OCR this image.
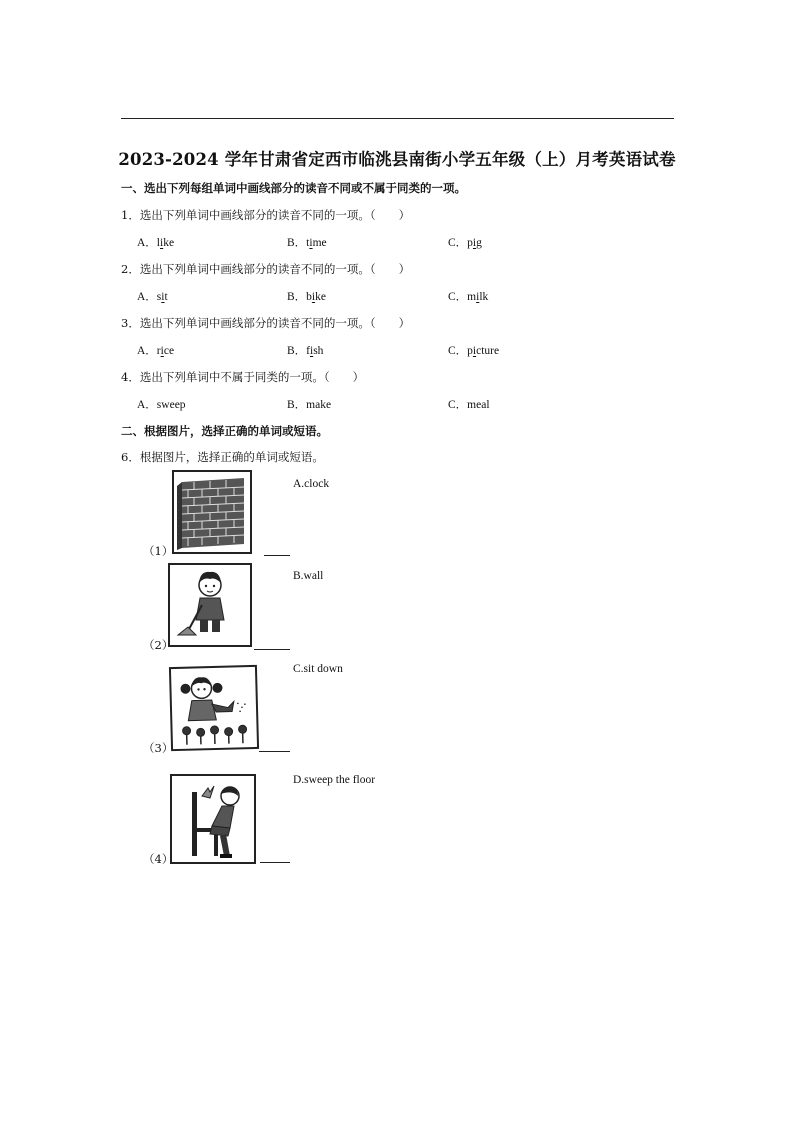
2023-2024 学年甘肃省定西市临洮县南街小学五年级（上）月考英语试卷
一、选出下列每组单词中画线部分的读音不同或不属于同类的一项。
1．选出下列单词中画线部分的读音不同的一项。（　　）
A．like	B．time	C．pig
2．选出下列单词中画线部分的读音不同的一项。（　　）
A．sit	B．bike	C．milk
3．选出下列单词中画线部分的读音不同的一项。（　　）
A．rice	B．fish	C．picture
4．选出下列单词中不属于同类的一项。（　　）
A．sweep	B．make	C．meal
二、根据图片，选择正确的单词或短语。
6．根据图片，选择正确的单词或短语。
（1）
A.clock
（2）
B.wall
（3）
C.sit down
（4）
D.sweep the floor
